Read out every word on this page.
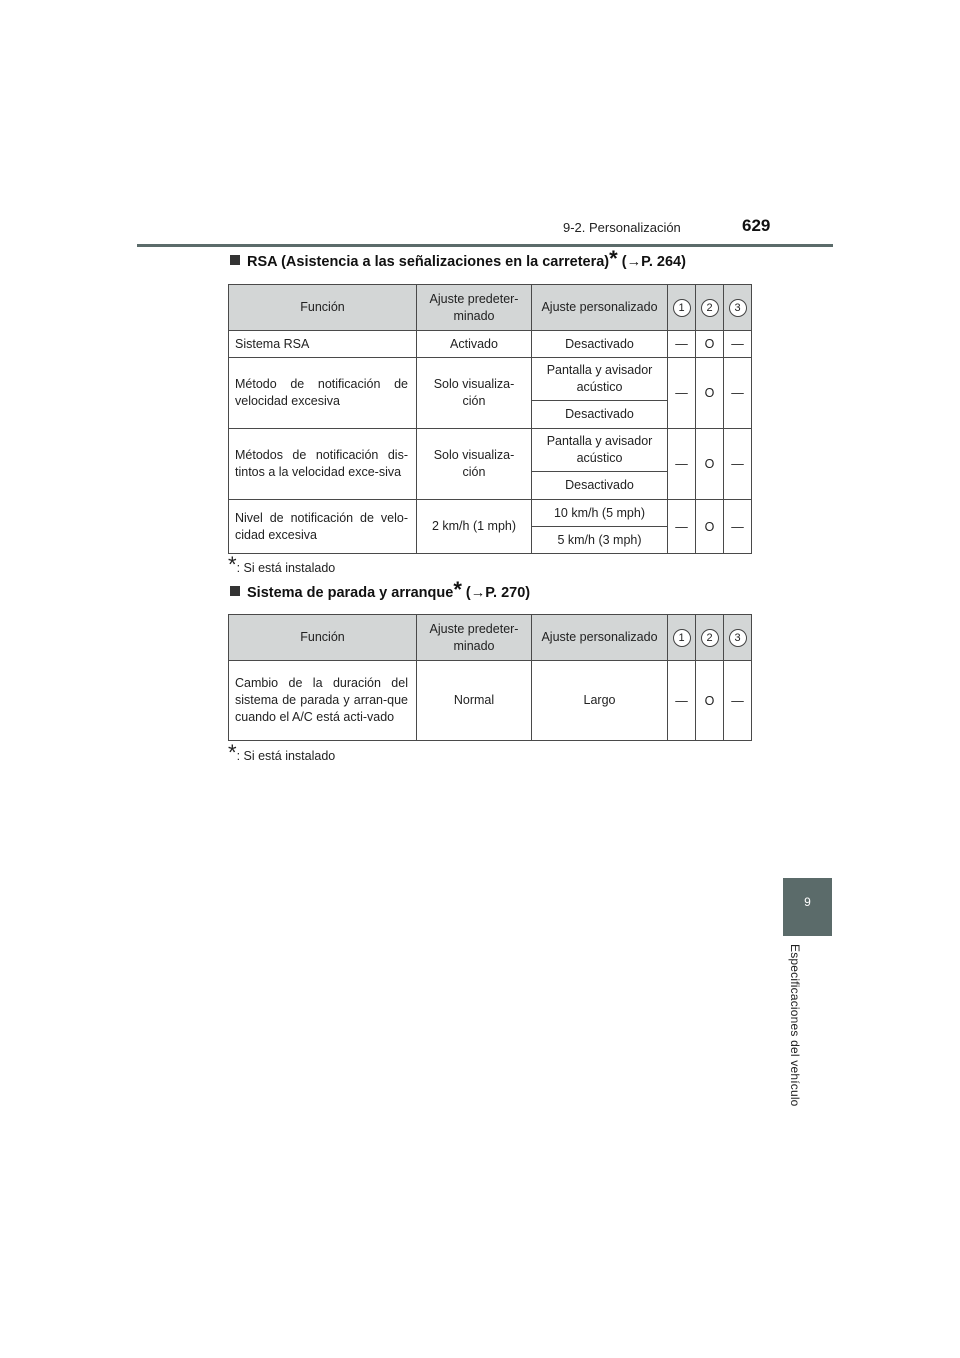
9-2. Personalización	629
9
Especificaciones del vehículo
RSA (Asistencia a las señalizaciones en la carretera)* (→P. 264)
Función	Ajuste predeter-minado	Ajuste personalizado	1	2	3
Sistema RSA	Activado	Desactivado	—	O	—
Método de notificación de velocidad excesiva	Solo visualiza-ción	Pantalla y avisador acústico	—	O	—
		Desactivado			
Métodos de notificación dis-tintos a la velocidad exce-siva	Solo visualiza-ción	Pantalla y avisador acústico	—	O	—
		Desactivado			
Nivel de notificación de velo-cidad excesiva	2 km/h (1 mph)	10 km/h (5 mph)	—	O	—
		5 km/h (3 mph)			
*: Si está instalado
Sistema de parada y arranque* (→P. 270)
Función	Ajuste predeter-minado	Ajuste personalizado	1	2	3
Cambio de la duración del sistema de parada y arran-que cuando el A/C está acti-vado	Normal	Largo	—	O	—
*: Si está instalado
